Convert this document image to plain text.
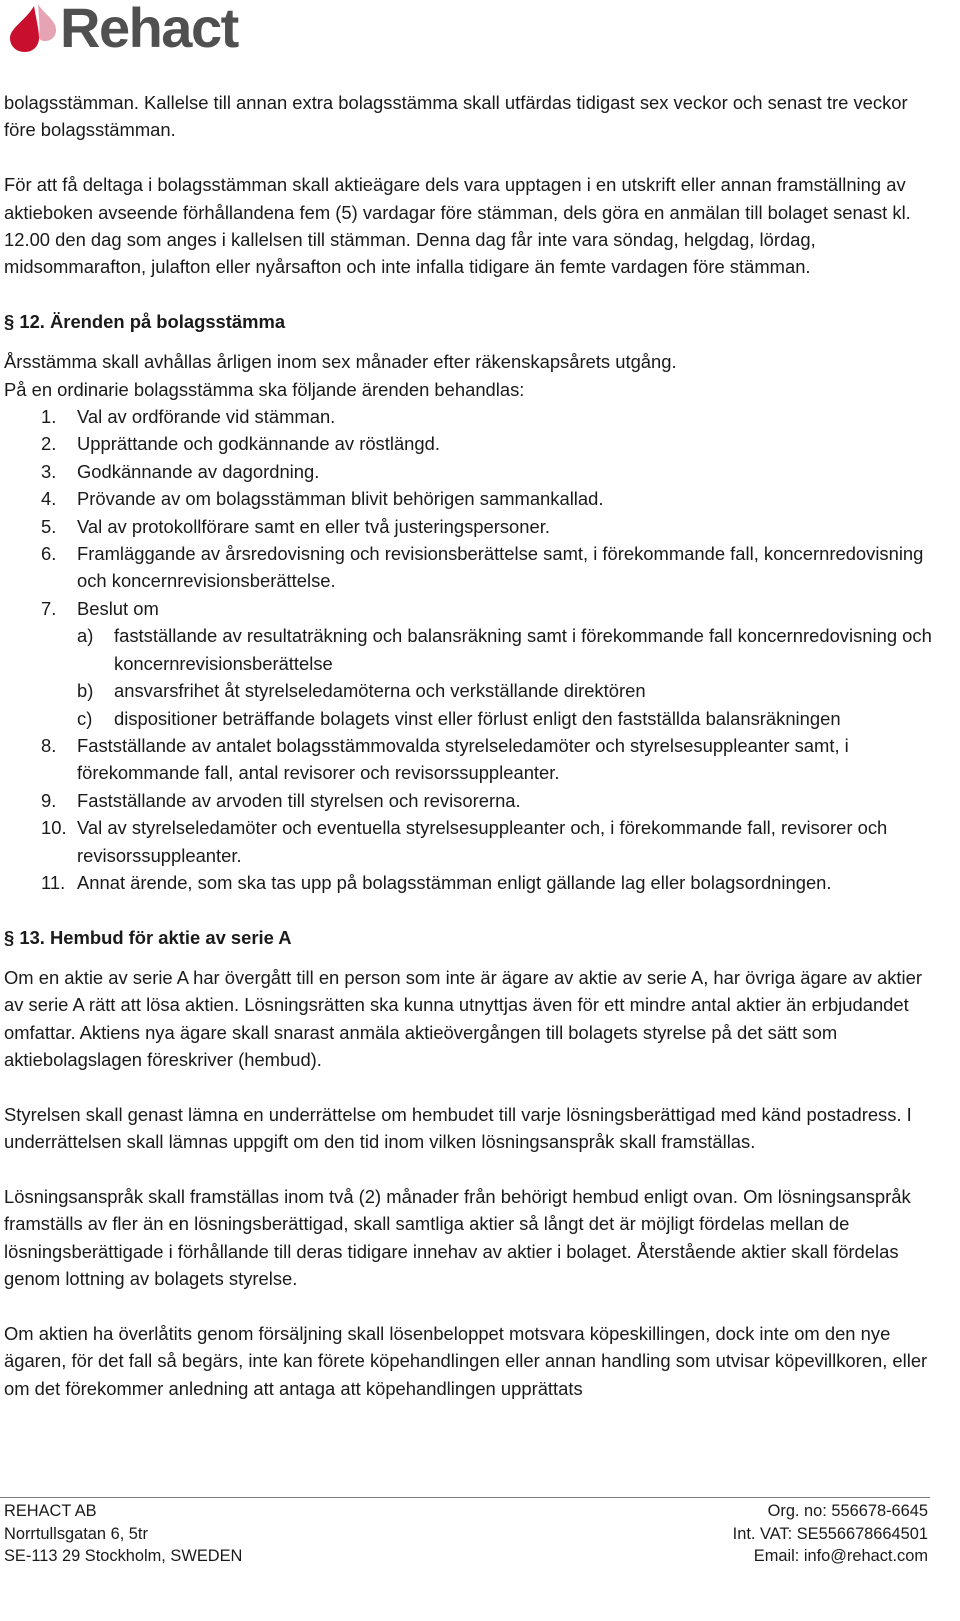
Rehact

bolagsstämman. Kallelse till annan extra bolagsstämma skall utfärdas tidigast sex veckor och senast tre veckor före bolagsstämman.

För att få deltaga i bolagsstämman skall aktieägare dels vara upptagen i en utskrift eller annan framställning av aktieboken avseende förhållandena fem (5) vardagar före stämman, dels göra en anmälan till bolaget senast kl. 12.00 den dag som anges i kallelsen till stämman. Denna dag får inte vara söndag, helgdag, lördag, midsommarafton, julafton eller nyårsafton och inte infalla tidigare än femte vardagen före stämman.

§ 12. Ärenden på bolagsstämma

Årsstämma skall avhållas årligen inom sex månader efter räkenskapsårets utgång.

På en ordinarie bolagsstämma ska följande ärenden behandlas:

1.	Val av ordförande vid stämman.
2.	Upprättande och godkännande av röstlängd.
3.	Godkännande av dagordning.
4.	Prövande av om bolagsstämman blivit behörigen sammankallad.
5.	Val av protokollförare samt en eller två justeringspersoner.
6.	Framläggande av årsredovisning och revisionsberättelse samt, i förekommande fall, koncernredovisning och koncernrevisionsberättelse.
7.	Beslut om
a)	fastställande av resultaträkning och balansräkning samt i förekommande fall koncernredovisning och koncernrevisionsberättelse
b)	ansvarsfrihet åt styrelseledamöterna och verkställande direktören
c)	dispositioner beträffande bolagets vinst eller förlust enligt den fastställda balansräkningen
8.	Fastställande av antalet bolagsstämmovalda styrelseledamöter och styrelsesuppleanter samt, i förekommande fall, antal revisorer och revisorssuppleanter.
9.	Fastställande av arvoden till styrelsen och revisorerna.
10. Val av styrelseledamöter och eventuella styrelsesuppleanter och, i förekommande fall, revisorer och revisorssuppleanter.
11. Annat ärende, som ska tas upp på bolagsstämman enligt gällande lag eller bolagsordningen.

§ 13. Hembud för aktie av serie A

Om en aktie av serie A har övergått till en person som inte är ägare av aktie av serie A, har övriga ägare av aktier av serie A rätt att lösa aktien. Lösningsrätten ska kunna utnyttjas även för ett mindre antal aktier än erbjudandet omfattar. Aktiens nya ägare skall snarast anmäla aktieövergången till bolagets styrelse på det sätt som aktiebolagslagen föreskriver (hembud).

Styrelsen skall genast lämna en underrättelse om hembudet till varje lösningsberättigad med känd postadress. I underrättelsen skall lämnas uppgift om den tid inom vilken lösningsanspråk skall framställas.

Lösningsanspråk skall framställas inom två (2) månader från behörigt hembud enligt ovan. Om lösningsanspråk framställs av fler än en lösningsberättigad, skall samtliga aktier så långt det är möjligt fördelas mellan de lösningsberättigade i förhållande till deras tidigare innehav av aktier i bolaget. Återstående aktier skall fördelas genom lottning av bolagets styrelse.

Om aktien ha överlåtits genom försäljning skall lösenbeloppet motsvara köpeskillingen, dock inte om den nye ägaren, för det fall så begärs, inte kan förete köpehandlingen eller annan handling som utvisar köpevillkoren, eller om det förekommer anledning att antaga att köpehandlingen upprättats

REHACT AB
Norrtullsgatan 6, 5tr
SE-113 29 Stockholm, SWEDEN
Org. no: 556678-6645
Int. VAT: SE556678664501
Email: info@rehact.com
